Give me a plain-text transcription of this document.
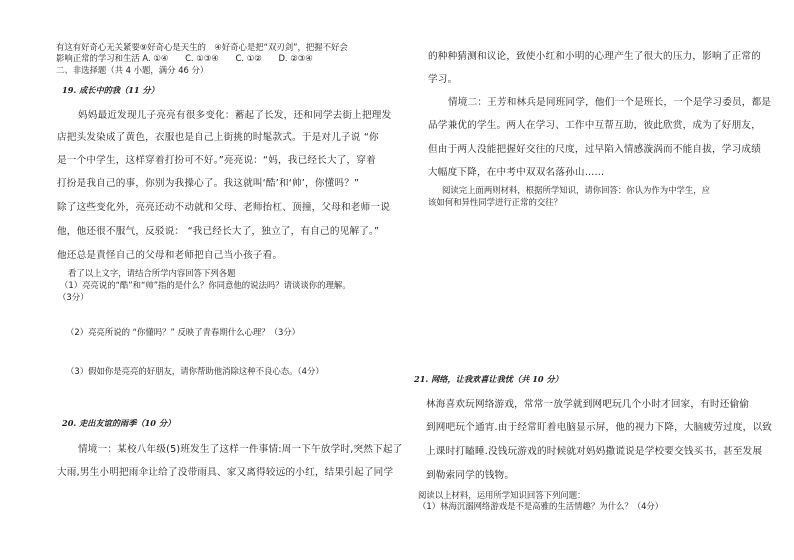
有这有好奇心无关紧要⑨好奇心是天生的　④好奇心是把“双刃剑”，把握不好会

影响正常的学习和生活 A. ①④　　C. ①③④　　C. ①②　　D. ②③④

二、非选择题（共 4 小题，满分 46 分）

19. 成长中的我（11 分）

妈妈最近发现儿子亮亮有很多变化：蓄起了长发，还和同学去街上把理发

店把头发染成了黄色，衣服也是自己上街挑的时髦款式。于是对儿子说 “你

是一个中学生，这样穿着打扮可不好。”亮亮说：“妈，我已经长大了，穿着

打扮是我自己的事，你别为我操心了。我这就叫‘酷’和‘帅’，你懂吗？”

除了这些变化外，亮亮还动不动就和父母、老师抬杠、顶撞，父母和老师一说

他，他还很不服气，反驳说： “我已经长大了，独立了，有自己的见解了。”

他还总是責怪自己的父母和老师把自己当小孩子看。

看了以上文字，请结合所学内容回答下列各题

（1）亮亮说的“酷”和“帅”指的是什么？你同意他的说法吗？请谈谈你的理解。

（3分）

（2）亮亮所说的 “你懂吗？” 反映了青春期什么心理？（3分）

（3）假如你是亮亮的好朋友，请你帮助他消除这种不良心态。（4分）

20. 走出友谊的雨季（10 分）

情境一：某校八年级(5)班发生了这样一件事情:周一下午放学时,突然下起了

大雨,男生小明把雨伞让给了没带雨具、家又离得较远的小红，结果引起了同学

的种种猜测和议论，致使小红和小明的心理产生了很大的压力，影响了正常的

学习。

情境二：王芳和林兵是同班同学，他们一个是班长，一个是学习委员，都是

品学兼优的学生。两人在学习、工作中互帮互助，彼此欣赏，成为了好朋友，

但由于两人没能把握好交往的尺度，过早陷入情感漩涡而不能自拔，学习成绩

大幅度下降，在中考中双双名落孙山……

阅读完上面两则材料，根据所学知识，请你回答：你认为作为中学生，应

该如何和异性同学进行正常的交往？

21. 网络，让我欢喜让我忧（共 10 分）

林海喜欢玩网络游戏，常常一放学就到网吧玩几个小时才回家，有时还偷偷

到网吧玩个通宵.由于经常盯着电脑显示屏，他的视力下降，大脑疲劳过度，以致

上课时打瞌睡.没钱玩游戏的时候就对妈妈撒谎说是学校要交钱买书，甚至发展

到勒索同学的钱物。

阅读以上材料，运用所学知识回答下列问题：

（1）林海沉溺网络游戏是不是高雅的生活情趣？为什么？（4分）
